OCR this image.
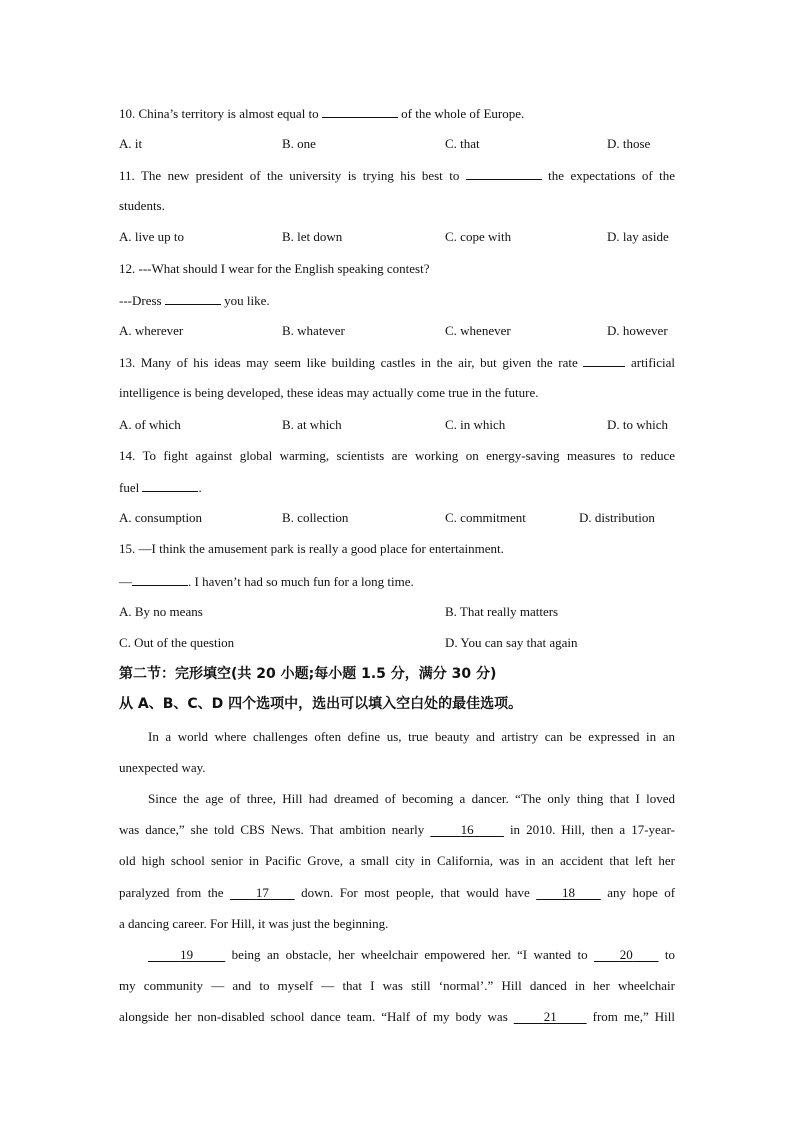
10. China’s territory is almost equal to	of the whole of Europe.
A. it	B. one	C. that	D. those
11. The new president of the university is trying his best to	the expectations of the
students.
A. live up to	B. let down	C. cope with	D. lay aside
12. ---What should I wear for the English speaking contest?
---Dress	you like.
A. wherever	B. whatever	C. whenever	D. however
13. Many of his ideas may seem like building castles in the air, but given the rate	artificial
intelligence is being developed, these ideas may actually come true in the future.
A. of which	B. at which	C. in which	D. to which
14. To fight against global warming, scientists are working on energy-saving measures to reduce
fuel	.
A. consumption	B. collection	C. commitment	D. distribution
15. —I think the amusement park is really a good place for entertainment.
—	. I haven’t had so much fun for a long time.
A. By no means	B. That really matters
C. Out of the question	D. You can say that again
第二节：完形填空(共 20 小题;每小题 1.5 分，满分 30 分)
从 A、B、C、D 四个选项中，选出可以填入空白处的最佳选项。
In a world where challenges often define us, true beauty and artistry can be expressed in an
unexpected way.
Since the age of three, Hill had dreamed of becoming a dancer. “The only thing that I loved
was dance,” she told CBS News. That ambition nearly      16      in 2010. Hill, then a 17-year-
old high school senior in Pacific Grove, a small city in California, was in an accident that left her
paralyzed from the     17     down. For most people, that would have     18     any hope of
a dancing career. For Hill, it was just the beginning.
19      being an obstacle, her wheelchair empowered her. “I wanted to     20     to
my community — and to myself — that I was still ‘normal’.” Hill danced in her wheelchair
alongside her non-disabled school dance team. “Half of my body was      21      from me,” Hill
